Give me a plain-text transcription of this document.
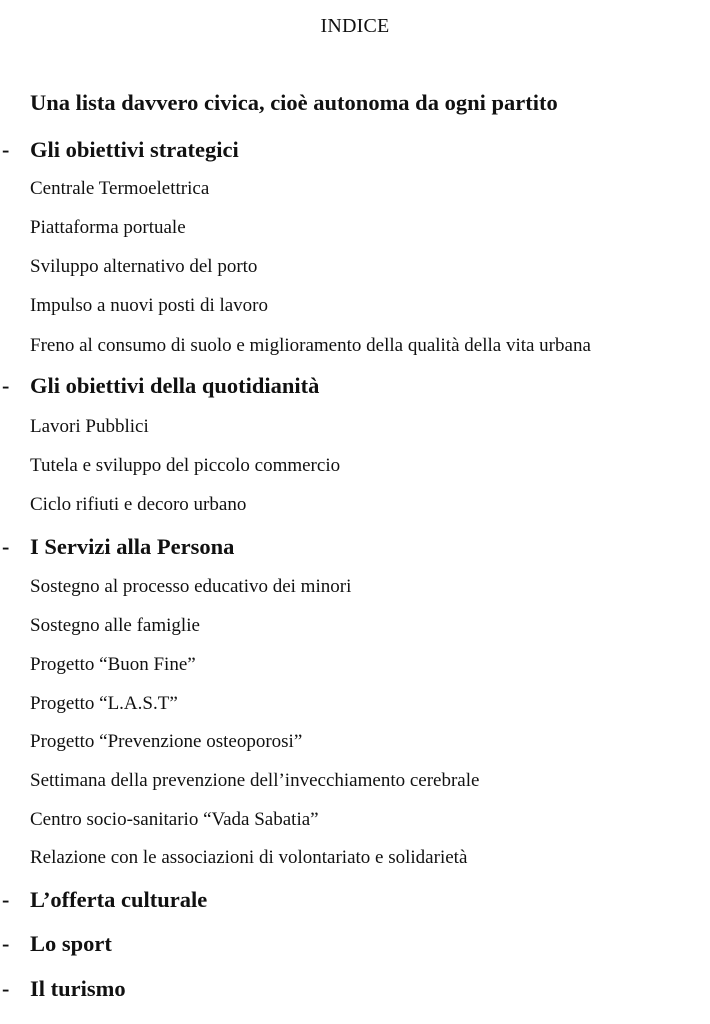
INDICE
Una lista davvero civica, cioè autonoma da ogni partito
- Gli obiettivi strategici
Centrale Termoelettrica
Piattaforma portuale
Sviluppo alternativo del porto
Impulso a nuovi posti di lavoro
Freno al consumo di suolo e miglioramento della qualità della vita urbana
- Gli obiettivi della quotidianità
Lavori Pubblici
Tutela e sviluppo del piccolo commercio
Ciclo rifiuti e decoro urbano
- I Servizi alla Persona
Sostegno al processo educativo dei minori
Sostegno alle famiglie
Progetto “Buon Fine”
Progetto “L.A.S.T”
Progetto “Prevenzione osteoporosi”
Settimana della prevenzione dell’invecchiamento cerebrale
Centro socio-sanitario “Vada Sabatia”
Relazione con le associazioni di volontariato e solidarietà
- L’offerta culturale
- Lo sport
- Il turismo
